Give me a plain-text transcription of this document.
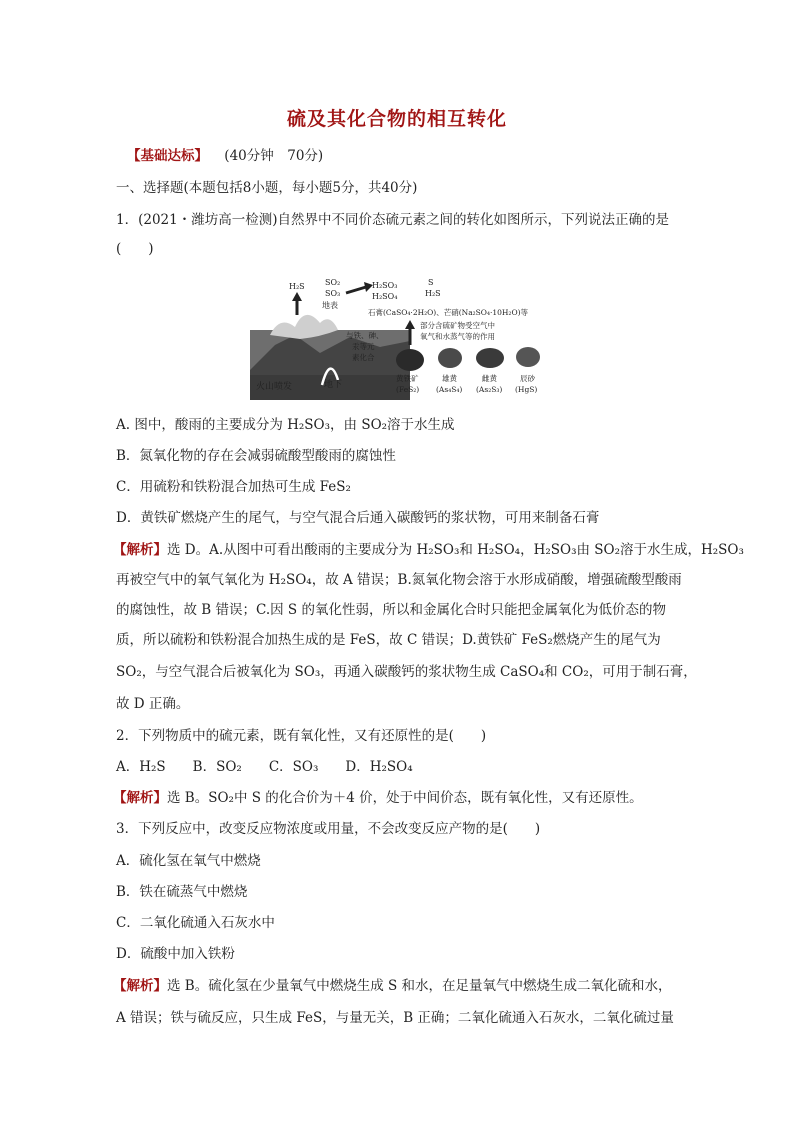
硫及其化合物的相互转化
【基础达标】 (40分钟　70分)
一、选择题(本题包括8小题，每小题5分，共40分)
1．(2021・潍坊高一检测)自然界中不同价态硫元素之间的转化如图所示，下列说法正确的是
(　　)
H₂S	SO₂
SO₃
地表
H₂SO₃
H₂SO₄
S
H₂S
石膏(CaSO₄·2H₂O)、芒硝(Na₂SO₄·10H₂O)等
部分含硫矿物受空气中
氧气和水蒸气等的作用
与铁、砷、
汞等元
素化合
火山喷发	地下
黄铁矿
(FeS₂)
雄黄
(As₄S₄)
雌黄
(As₂S₃)
辰砂
(HgS)
A. 图中，酸雨的主要成分为 H₂SO₃，由 SO₂溶于水生成
B．氮氧化物的存在会减弱硫酸型酸雨的腐蚀性
C．用硫粉和铁粉混合加热可生成 FeS₂
D．黄铁矿燃烧产生的尾气，与空气混合后通入碳酸钙的浆状物，可用来制备石膏
【解析】选 D。A.从图中可看出酸雨的主要成分为 H₂SO₃和 H₂SO₄，H₂SO₃由 SO₂溶于水生成，H₂SO₃
再被空气中的氧气氧化为 H₂SO₄，故 A 错误；B.氮氧化物会溶于水形成硝酸，增强硫酸型酸雨
的腐蚀性，故 B 错误；C.因 S 的氧化性弱，所以和金属化合时只能把金属氧化为低价态的物
质，所以硫粉和铁粉混合加热生成的是 FeS，故 C 错误；D.黄铁矿 FeS₂燃烧产生的尾气为
SO₂，与空气混合后被氧化为 SO₃，再通入碳酸钙的浆状物生成 CaSO₄和 CO₂，可用于制石膏，
故 D 正确。
2．下列物质中的硫元素，既有氧化性，又有还原性的是(　　)
A．H₂S　　B．SO₂　　C．SO₃　　D．H₂SO₄
【解析】选 B。SO₂中 S 的化合价为＋4 价，处于中间价态，既有氧化性，又有还原性。
3．下列反应中，改变反应物浓度或用量，不会改变反应产物的是(　　)
A．硫化氢在氧气中燃烧
B．铁在硫蒸气中燃烧
C．二氧化硫通入石灰水中
D．硫酸中加入铁粉
【解析】选 B。硫化氢在少量氧气中燃烧生成 S 和水，在足量氧气中燃烧生成二氧化硫和水，
A 错误；铁与硫反应，只生成 FeS，与量无关，B 正确；二氧化硫通入石灰水，二氧化硫过量
